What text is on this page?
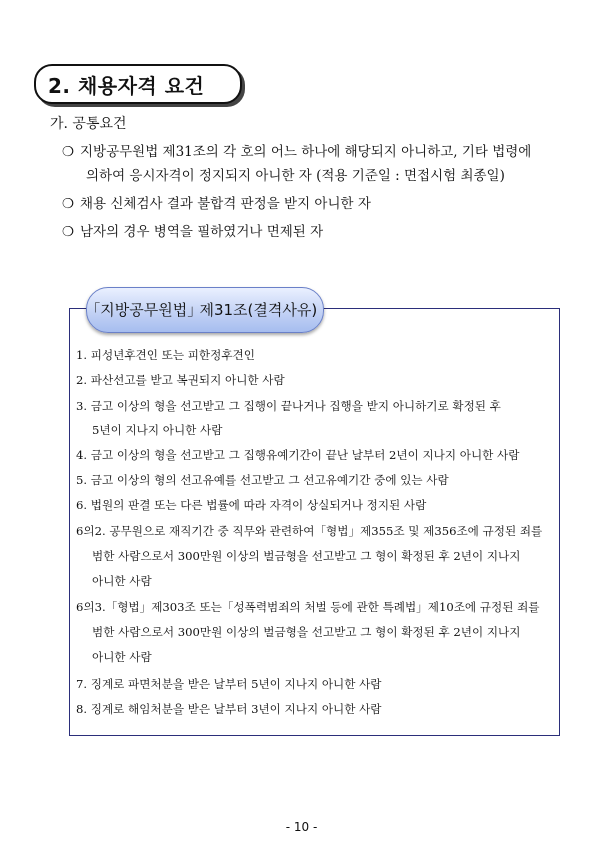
2. 채용자격 요건
가. 공통요건
❍ 지방공무원법 제31조의 각 호의 어느 하나에 해당되지 아니하고, 기타 법령에
의하여 응시자격이 정지되지 아니한 자 (적용 기준일 : 면접시험 최종일)
❍ 채용 신체검사 결과 불합격 판정을 받지 아니한 자
❍ 남자의 경우 병역을 필하였거나 면제된 자
｢지방공무원법｣ 제31조(결격사유)
1. 피성년후견인 또는 피한정후견인
2. 파산선고를 받고 복권되지 아니한 사람
3. 금고 이상의 형을 선고받고 그 집행이 끝나거나 집행을 받지 아니하기로 확정된 후
5년이 지나지 아니한 사람
4. 금고 이상의 형을 선고받고 그 집행유예기간이 끝난 날부터 2년이 지나지 아니한 사람
5. 금고 이상의 형의 선고유예를 선고받고 그 선고유예기간 중에 있는 사람
6. 법원의 판결 또는 다른 법률에 따라 자격이 상실되거나 정지된 사람
6의2. 공무원으로 재직기간 중 직무와 관련하여「형법」제355조 및 제356조에 규정된 죄를
범한 사람으로서 300만원 이상의 벌금형을 선고받고 그 형이 확정된 후 2년이 지나지
아니한 사람
6의3.「형법」제303조 또는「성폭력범죄의 처벌 등에 관한 특례법」제10조에 규정된 죄를
범한 사람으로서 300만원 이상의 벌금형을 선고받고 그 형이 확정된 후 2년이 지나지
아니한 사람
7. 징계로 파면처분을 받은 날부터 5년이 지나지 아니한 사람
8. 징계로 해임처분을 받은 날부터 3년이 지나지 아니한 사람
- 10 -
